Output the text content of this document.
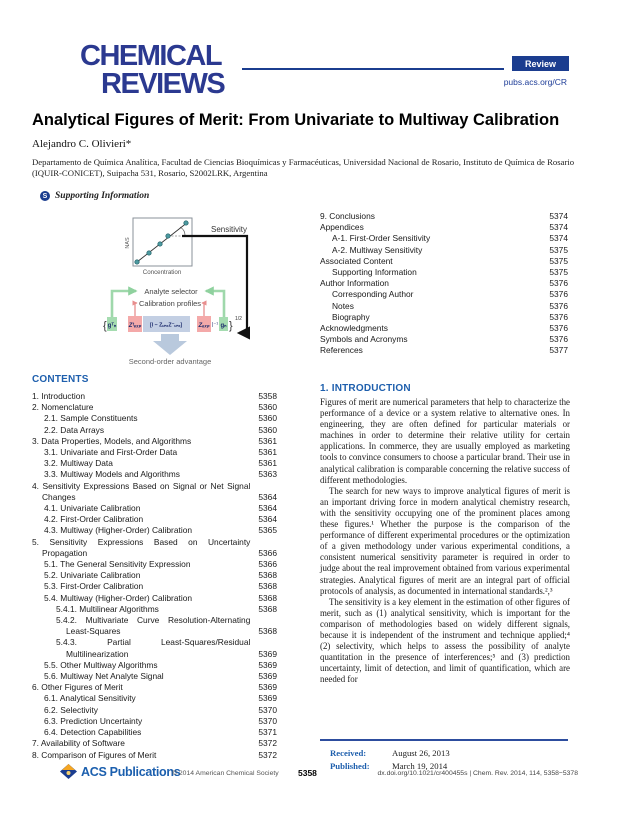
CHEMICAL
REVIEWS
Review
pubs.acs.org/CR
Analytical Figures of Merit: From Univariate to Multiway Calibration
Alejandro C. Olivieri*
Departamento de Química Analítica, Facultad de Ciencias Bioquímicas y Farmacéuticas, Universidad Nacional de Rosario, Instituto de Química de Rosario (IQUIR-CONICET), Suipacha 531, Rosario, S2002LRK, Argentina
S Supporting Information
NAS
Concentration
Sensitivity
Analyte selector
Calibration profiles
{ gᵀₙ Zᵗₑₓₚ [I − ZᵤₙₓZ⁻ᵤₙₓ]	Zₑₓₚ |⁻¹ gₙ }
1/2
Second-order advantage
9. Conclusions	5374
Appendices	5374
A-1. First-Order Sensitivity	5374
A-2. Multiway Sensitivity	5375
Associated Content	5375
Supporting Information	5375
Author Information	5376
Corresponding Author	5376
Notes	5376
Biography	5376
Acknowledgments	5376
Symbols and Acronyms	5376
References	5377
CONTENTS
1. Introduction	5358
2. Nomenclature	5360
2.1. Sample Constituents	5360
2.2. Data Arrays	5360
3. Data Properties, Models, and Algorithms	5361
3.1. Univariate and First-Order Data	5361
3.2. Multiway Data	5361
3.3. Multiway Models and Algorithms	5363
4. Sensitivity Expressions Based on Signal or Net Signal Changes	5364
4.1. Univariate Calibration	5364
4.2. First-Order Calibration	5364
4.3. Multiway (Higher-Order) Calibration	5365
5. Sensitivity Expressions Based on Uncertainty Propagation	5366
5.1. The General Sensitivity Expression	5366
5.2. Univariate Calibration	5368
5.3. First-Order Calibration	5368
5.4. Multiway (Higher-Order) Calibration	5368
5.4.1. Multilinear Algorithms	5368
5.4.2. Multivariate Curve Resolution-Alternating Least-Squares	5368
5.4.3. Partial Least-Squares/Residual Multilinearization	5369
5.5. Other Multiway Algorithms	5369
5.6. Multiway Net Analyte Signal	5369
6. Other Figures of Merit	5369
6.1. Analytical Sensitivity	5369
6.2. Selectivity	5370
6.3. Prediction Uncertainty	5370
6.4. Detection Capabilities	5371
7. Availability of Software	5372
8. Comparison of Figures of Merit	5372
1. INTRODUCTION

Figures of merit are numerical parameters that help to characterize the performance of a device or a system relative to alternative ones. In engineering, they are often defined for particular materials or machines in order to determine their relative utility for certain applications. In commerce, they are usually employed as marketing tools to convince consumers to choose a particular brand. Their use in analytical calibration is comparable concerning the relative success of different methodologies.

The search for new ways to improve analytical figures of merit is an important driving force in modern analytical chemistry research, with the sensitivity occupying one of the prominent places among these figures.¹ Whether the purpose is the comparison of the performance of different experimental procedures or the optimization of a given methodology under various experimental conditions, a consistent numerical sensitivity parameter is required in order to judge about the real improvement obtained from various experimental strategies. Analytical figures of merit are an integral part of official protocols of analysis, as documented in international standards.²,³

The sensitivity is a key element in the estimation of other figures of merit, such as (1) analytical sensitivity, which is important for the comparison of methodologies based on widely different signals, because it is independent of the instrument and technique applied;⁴ (2) selectivity, which helps to assess the possibility of analyte quantitation in the presence of interferences;⁵ and (3) prediction uncertainty, limit of detection, and limit of quantification, which are needed for

Received:	August 26, 2013
Published:	March 19, 2014
ACS Publications
© 2014 American Chemical Society 5358	dx.doi.org/10.1021/cr400455s | Chem. Rev. 2014, 114, 5358−5378
